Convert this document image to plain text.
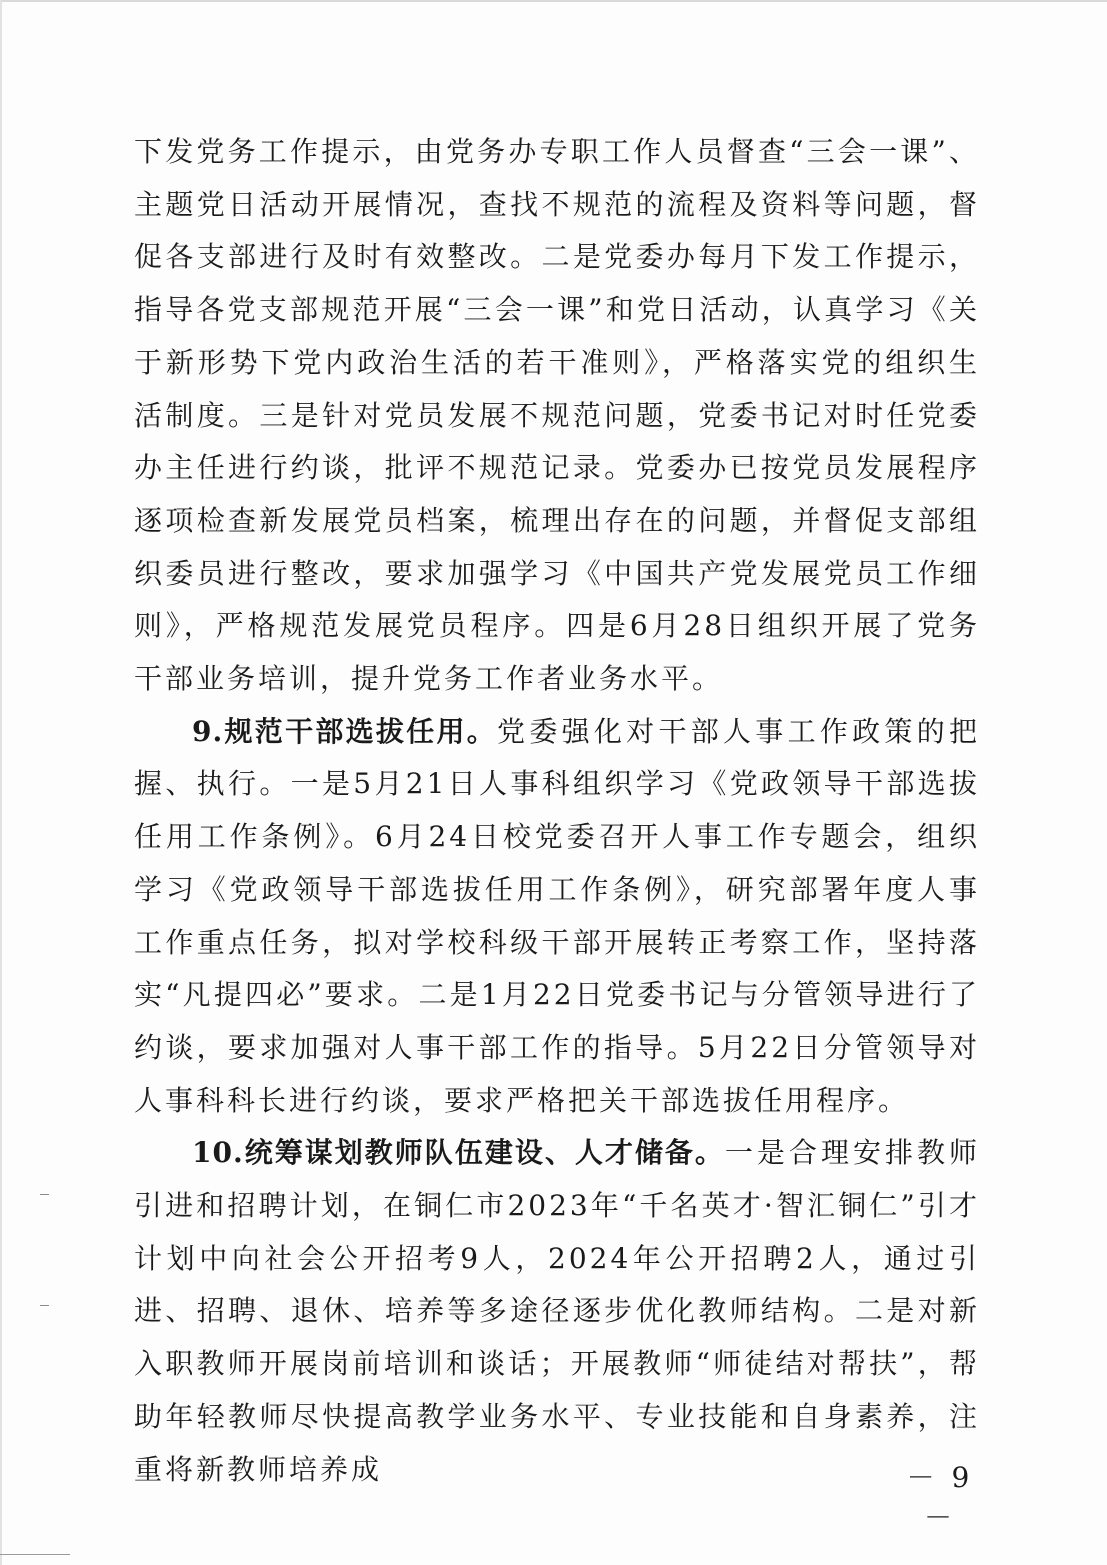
下发党务工作提示，由党务办专职工作人员督查“三会一课”、主题党日活动开展情况，查找不规范的流程及资料等问题，督促各支部进行及时有效整改。二是党委办每月下发工作提示，指导各党支部规范开展“三会一课”和党日活动，认真学习《关于新形势下党内政治生活的若干准则》，严格落实党的组织生活制度。三是针对党员发展不规范问题，党委书记对时任党委办主任进行约谈，批评不规范记录。党委办已按党员发展程序逐项检查新发展党员档案，梳理出存在的问题，并督促支部组织委员进行整改，要求加强学习《中国共产党发展党员工作细则》，严格规范发展党员程序。四是6月28日组织开展了党务干部业务培训，提升党务工作者业务水平。

9.规范干部选拔任用。党委强化对干部人事工作政策的把握、执行。一是5月21日人事科组织学习《党政领导干部选拔任用工作条例》。6月24日校党委召开人事工作专题会，组织学习《党政领导干部选拔任用工作条例》，研究部署年度人事工作重点任务，拟对学校科级干部开展转正考察工作，坚持落实“凡提四必”要求。二是1月22日党委书记与分管领导进行了约谈，要求加强对人事干部工作的指导。5月22日分管领导对人事科科长进行约谈，要求严格把关干部选拔任用程序。

10.统筹谋划教师队伍建设、人才储备。一是合理安排教师引进和招聘计划，在铜仁市2023年“千名英才·智汇铜仁”引才计划中向社会公开招考9人，2024年公开招聘2人，通过引进、招聘、退休、培养等多途径逐步优化教师结构。二是对新入职教师开展岗前培训和谈话；开展教师“师徒结对帮扶”，帮助年轻教师尽快提高教学业务水平、专业技能和自身素养，注重将新教师培养成	－ 9 －
